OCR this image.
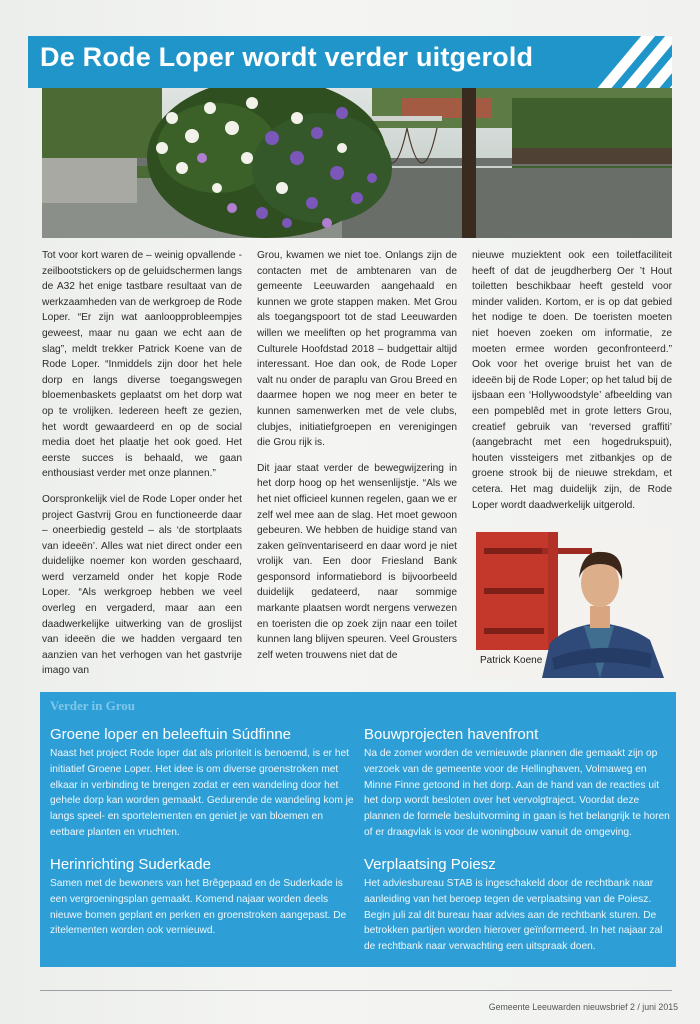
De Rode Loper wordt verder uitgerold

Tot voor kort waren de – weinig opvallende - zeilbootstickers op de geluidschermen langs de A32 het enige tastbare resultaat van de werkzaamheden van de werkgroep de Rode Loper. “Er zijn wat aanloopprobleempjes geweest, maar nu gaan we echt aan de slag”, meldt trekker Patrick Koene van de Rode Loper. “Inmiddels zijn door het hele dorp en langs diverse toegangswegen bloemenbaskets geplaatst om het dorp wat op te vrolijken. Iedereen heeft ze gezien, het wordt gewaardeerd en op de social media doet het plaatje het ook goed. Het eerste succes is behaald, we gaan enthousiast verder met onze plannen.”

Oorspronkelijk viel de Rode Loper onder het project Gastvrij Grou en functioneerde daar – oneerbiedig gesteld – als ‘de stortplaats van ideeën’. Alles wat niet direct onder een duidelijke noemer kon worden geschaard, werd verzameld onder het kopje Rode Loper. “Als werkgroep hebben we veel overleg en vergaderd, maar aan een daadwerkelijke uitwerking van de groslijst van ideeën die we hadden vergaard ten aanzien van het verhogen van het gastvrije imago van

Grou, kwamen we niet toe. Onlangs zijn de contacten met de ambtenaren van de gemeente Leeuwarden aangehaald en kunnen we grote stappen maken. Met Grou als toegangspoort tot de stad Leeuwarden willen we meeliften op het programma van Culturele Hoofdstad 2018 – budgettair altijd interessant. Hoe dan ook, de Rode Loper valt nu onder de paraplu van Grou Breed en daarmee hopen we nog meer en beter te kunnen samenwerken met de vele clubs, clubjes, initiatiefgroepen en verenigingen die Grou rijk is.

Dit jaar staat verder de bewegwijzering in het dorp hoog op het wensenlijstje. “Als we het niet officieel kunnen regelen, gaan we er zelf wel mee aan de slag. Het moet gewoon gebeuren. We hebben de huidige stand van zaken geïnventariseerd en daar word je niet vrolijk van. Een door Friesland Bank gesponsord informatiebord is bijvoorbeeld duidelijk gedateerd, naar sommige markante plaatsen wordt nergens verwezen en toeristen die op zoek zijn naar een toilet kunnen lang blijven speuren. Veel Grousters zelf weten trouwens niet dat de

nieuwe muziektent ook een toiletfaciliteit heeft of dat de jeugdherberg Oer ’t Hout toiletten beschikbaar heeft gesteld voor minder validen. Kortom, er is op dat gebied het nodige te doen. De toeristen moeten niet hoeven zoeken om informatie, ze moeten ermee worden geconfronteerd.” Ook voor het overige bruist het van de ideeën bij de Rode Loper; op het talud bij de ijsbaan een ‘Hollywoodstyle’ afbeelding van een pompeblêd met in grote letters Grou, creatief gebruik van ‘reversed graffiti’ (aangebracht met een hogedrukspuit), houten vissteigers met zitbankjes op de groene strook bij de nieuwe strekdam, et cetera. Het mag duidelijk zijn, de Rode Loper wordt daadwerkelijk uitgerold.

Patrick Koene
Verder in Grou
Groene loper en beleeftuin Súdfinne

Naast het project Rode loper dat als prioriteit is benoemd, is er het initiatief Groene Loper. Het idee is om diverse groenstroken met elkaar in verbinding te brengen zodat er een wandeling door het gehele dorp kan worden gemaakt. Gedurende de wandeling kom je langs speel- en sportelementen en geniet je van bloemen en eetbare planten en vruchten.

Bouwprojecten havenfront

Na de zomer worden de vernieuwde plannen die gemaakt zijn op verzoek van de gemeente voor de Hellinghaven, Volmaweg en Minne Finne getoond in het dorp. Aan de hand van de reacties uit het dorp wordt besloten over het vervolgtraject. Voordat deze plannen de formele besluitvorming in gaan is het belangrijk te horen of er draagvlak is voor de woningbouw vanuit de omgeving.

Herinrichting Suderkade

Samen met de bewoners van het Brêgepaad en de Suderkade is een vergroeningsplan gemaakt. Komend najaar worden deels nieuwe bomen geplant en perken en groenstroken aangepast. De zitelementen worden ook vernieuwd.

Verplaatsing Poiesz

Het adviesbureau STAB is ingeschakeld door de rechtbank naar aanleiding van het beroep tegen de verplaatsing van de Poiesz. Begin juli zal dit bureau haar advies aan de rechtbank sturen. De betrokken partijen worden hierover geïnformeerd. In het najaar zal de rechtbank naar verwachting een uitspraak doen.

Gemeente Leeuwarden nieuwsbrief 2 / juni 2015
